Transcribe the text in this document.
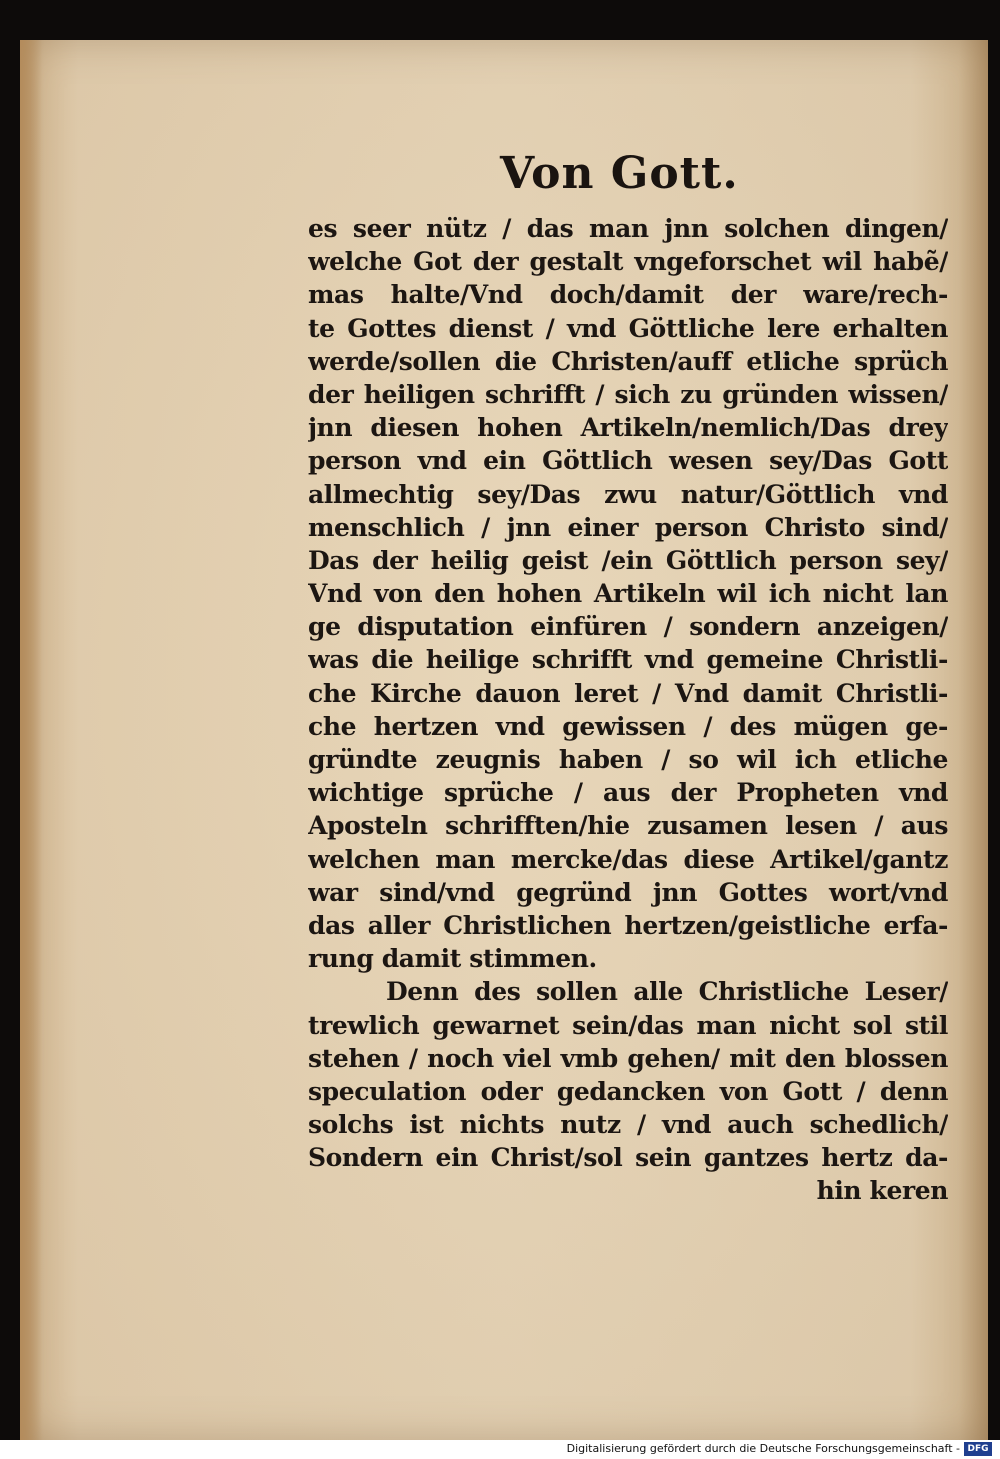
Von Gott.
es seer nütz / das man jnn solchen dingen/
welche Got der gestalt vngeforschet wil habẽ/
mas halte/Vnd doch/damit der ware/rech-
te Gottes dienst / vnd Göttliche lere erhalten
werde/sollen die Christen/auff etliche sprüch
der heiligen schrifft / sich zu gründen wissen/
jnn diesen hohen Artikeln/nemlich/Das drey
person vnd ein Göttlich wesen sey/Das Gott
allmechtig sey/Das zwu natur/Göttlich vnd
menschlich / jnn einer person Christo sind/
Das der heilig geist /ein Göttlich person sey/
Vnd von den hohen Artikeln wil ich nicht lan
ge disputation einfüren / sondern anzeigen/
was die heilige schrifft vnd gemeine Christli-
che Kirche dauon leret / Vnd damit Christli-
che hertzen vnd gewissen / des mügen ge-
gründte zeugnis haben / so wil ich etliche
wichtige sprüche / aus der Propheten vnd
Aposteln schrifften/hie zusamen lesen / aus
welchen man mercke/das diese Artikel/gantz
war sind/vnd gegründ jnn Gottes wort/vnd
das aller Christlichen hertzen/geistliche erfa-
rung damit stimmen.
Denn des sollen alle Christliche Leser/
trewlich gewarnet sein/das man nicht sol stil
stehen / noch viel vmb gehen/ mit den blossen
speculation oder gedancken von Gott / denn
solchs ist nichts nutz / vnd auch schedlich/
Sondern ein Christ/sol sein gantzes hertz da-
hin keren
Digitalisierung gefördert durch die Deutsche Forschungsgemeinschaft - DFG
